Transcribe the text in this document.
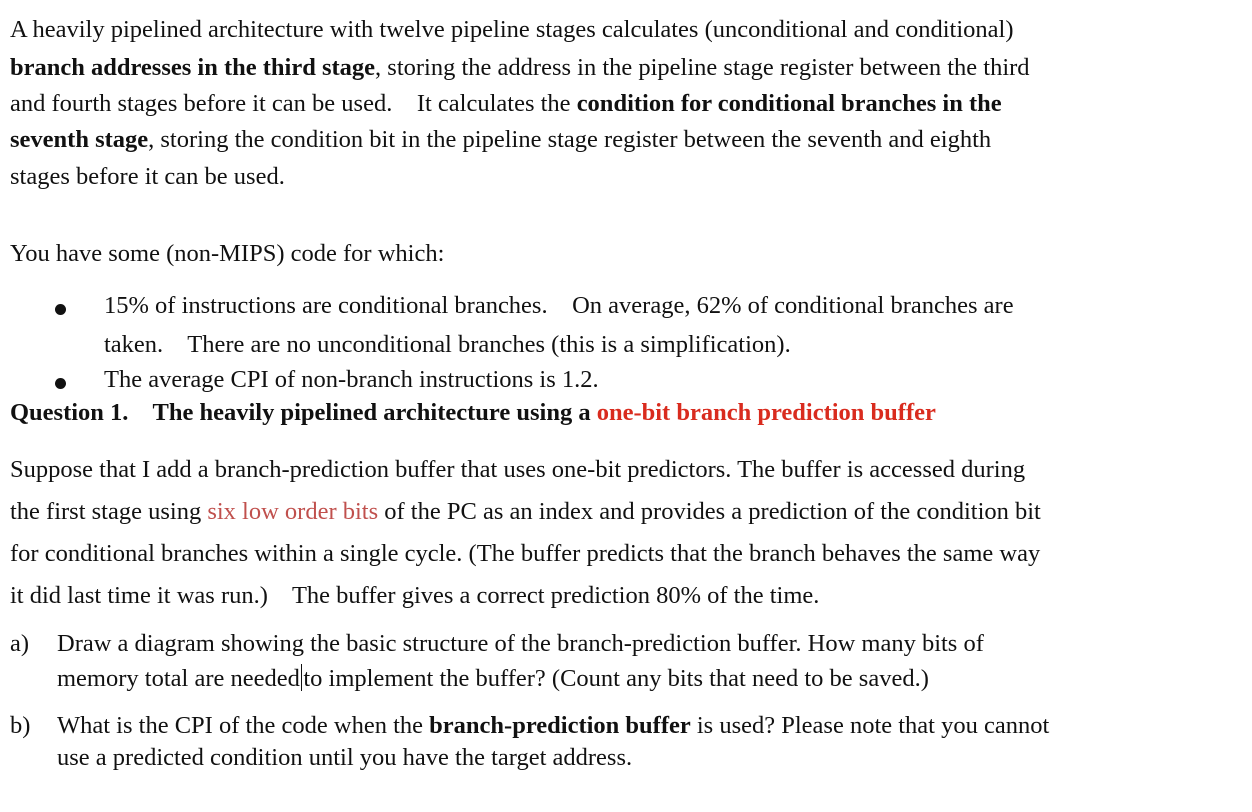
A heavily pipelined architecture with twelve pipeline stages calculates (unconditional and conditional)
branch addresses in the third stage, storing the address in the pipeline stage register between the third
and fourth stages before it can be used.    It calculates the condition for conditional branches in the
seventh stage, storing the condition bit in the pipeline stage register between the seventh and eighth
stages before it can be used.
You have some (non-MIPS) code for which:
15% of instructions are conditional branches.    On average, 62% of conditional branches are
taken.    There are no unconditional branches (this is a simplification).
The average CPI of non-branch instructions is 1.2.
Question 1. The heavily pipelined architecture using a one-bit branch prediction buffer
Suppose that I add a branch-prediction buffer that uses one-bit predictors. The buffer is accessed during
the first stage using six low order bits of the PC as an index and provides a prediction of the condition bit
for conditional branches within a single cycle. (The buffer predicts that the branch behaves the same way
it did last time it was run.)    The buffer gives a correct prediction 80% of the time.
a) Draw a diagram showing the basic structure of the branch-prediction buffer. How many bits of
memory total are needed to implement the buffer? (Count any bits that need to be saved.)
b) What is the CPI of the code when the branch-prediction buffer is used? Please note that you cannot
use a predicted condition until you have the target address.
